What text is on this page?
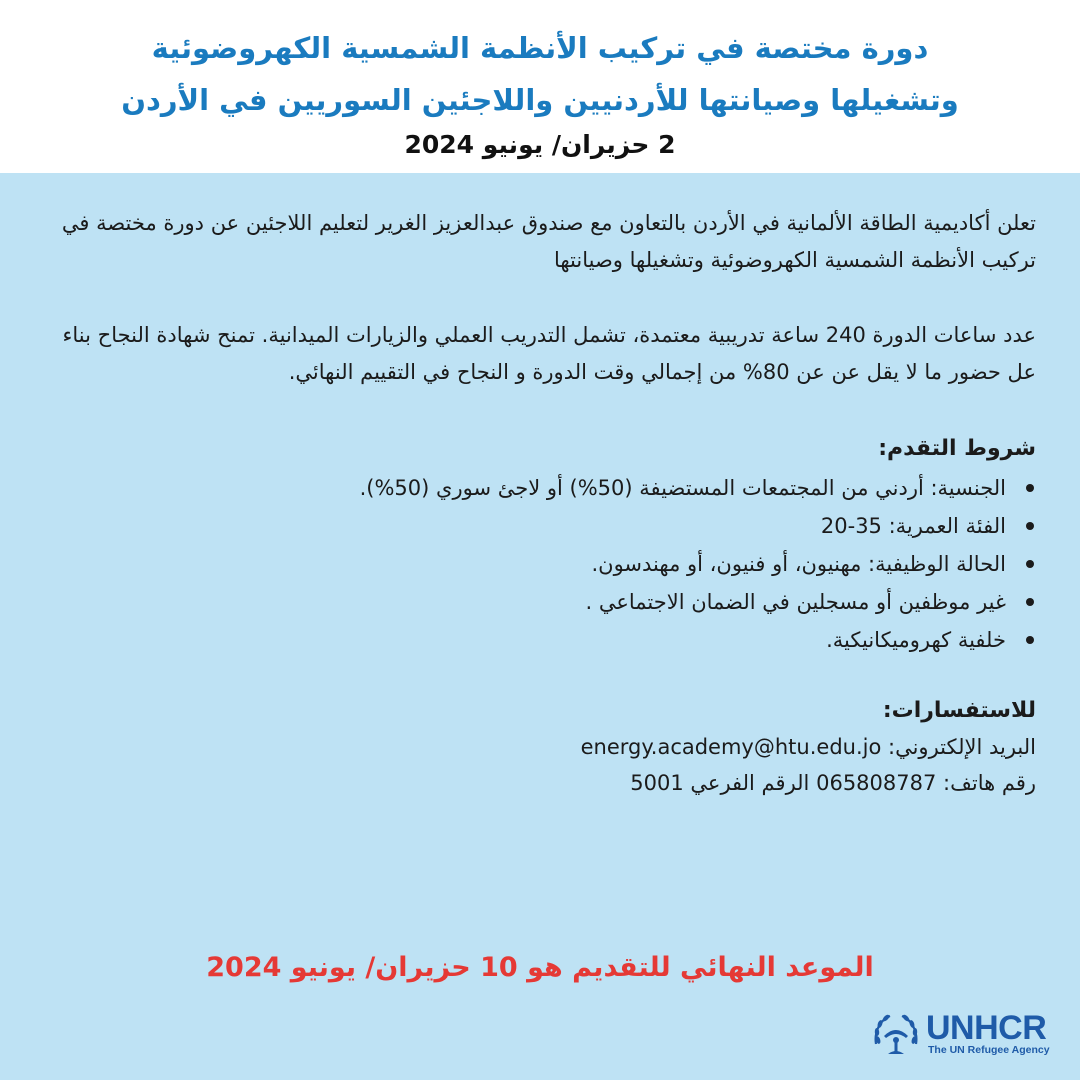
دورة مختصة في تركيب الأنظمة الشمسية الكهروضوئية
وتشغيلها وصيانتها للأردنيين واللاجئين السوريين في الأردن
2 حزيران/ يونيو 2024

تعلن أكاديمية الطاقة الألمانية في الأردن بالتعاون مع صندوق عبدالعزيز الغرير لتعليم اللاجئين عن دورة مختصة في تركيب الأنظمة الشمسية الكهروضوئية وتشغيلها وصيانتها

عدد ساعات الدورة 240 ساعة تدريبية معتمدة، تشمل التدريب العملي والزيارات الميدانية. تمنح شهادة النجاح بناء عل حضور ما لا يقل عن عن 80% من إجمالي وقت الدورة و النجاح في التقييم النهائي.

شروط التقدم:
الجنسية: أردني من المجتمعات المستضيفة (50%) أو لاجئ سوري (50%).
الفئة العمرية: 35-20
الحالة الوظيفية: مهنيون، أو فنيون، أو مهندسون.
غير موظفين أو مسجلين في الضمان الاجتماعي .
خلفية كهروميكانيكية.
للاستفسارات:
البريد الإلكتروني: energy.academy@htu.edu.jo
رقم هاتف: 065808787 الرقم الفرعي 5001
الموعد النهائي للتقديم هو 10 حزيران/ يونيو 2024
UNHCR
The UN Refugee Agency
